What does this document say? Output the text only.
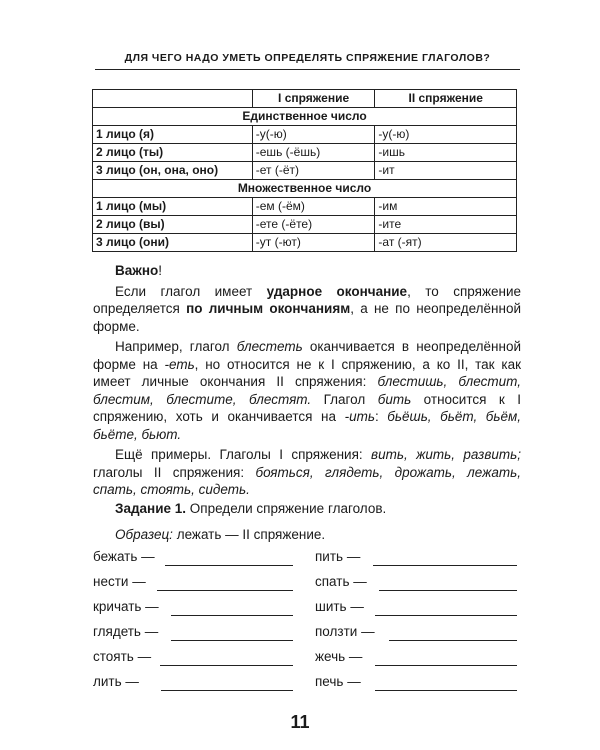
ДЛЯ ЧЕГО НАДО УМЕТЬ ОПРЕДЕЛЯТЬ СПРЯЖЕНИЕ ГЛАГОЛОВ?
	I спряжение	II спряжение
Единственное число		
1 лицо (я)	-у(-ю)	-у(-ю)
2 лицо (ты)	-ешь (-ёшь)	-ишь
3 лицо (он, она, оно)	-ет (-ёт)	-ит
Множественное число		
1 лицо (мы)	-ем (-ём)	-им
2 лицо (вы)	-ете (-ёте)	-ите
3 лицо (они)	-ут (-ют)	-ат (-ят)

Важно!

Если глагол имеет ударное окончание, то спряжение определяется по личным окончаниям, а не по неопределённой форме.

Например, глагол блестеть оканчивается в неопределённой форме на -еть, но относится не к I спряжению, а ко II, так как имеет личные окончания II спряжения: блестишь, блестит, блестим, блестите, блестят. Глагол бить относится к I спряжению, хоть и оканчивается на -ить: бьёшь, бьёт, бьём, бьёте, бьют.

Ещё примеры. Глаголы I спряжения: вить, жить, развить; глаголы II спряжения: бояться, глядеть, дрожать, лежать, спать, стоять, сидеть.

Задание 1. Определи спряжение глаголов.
Образец: лежать — II спряжение.
бежать —
нести —
кричать —
глядеть —
стоять —
лить —
пить —
спать —
шить —
ползти —
жечь —
печь —
11
